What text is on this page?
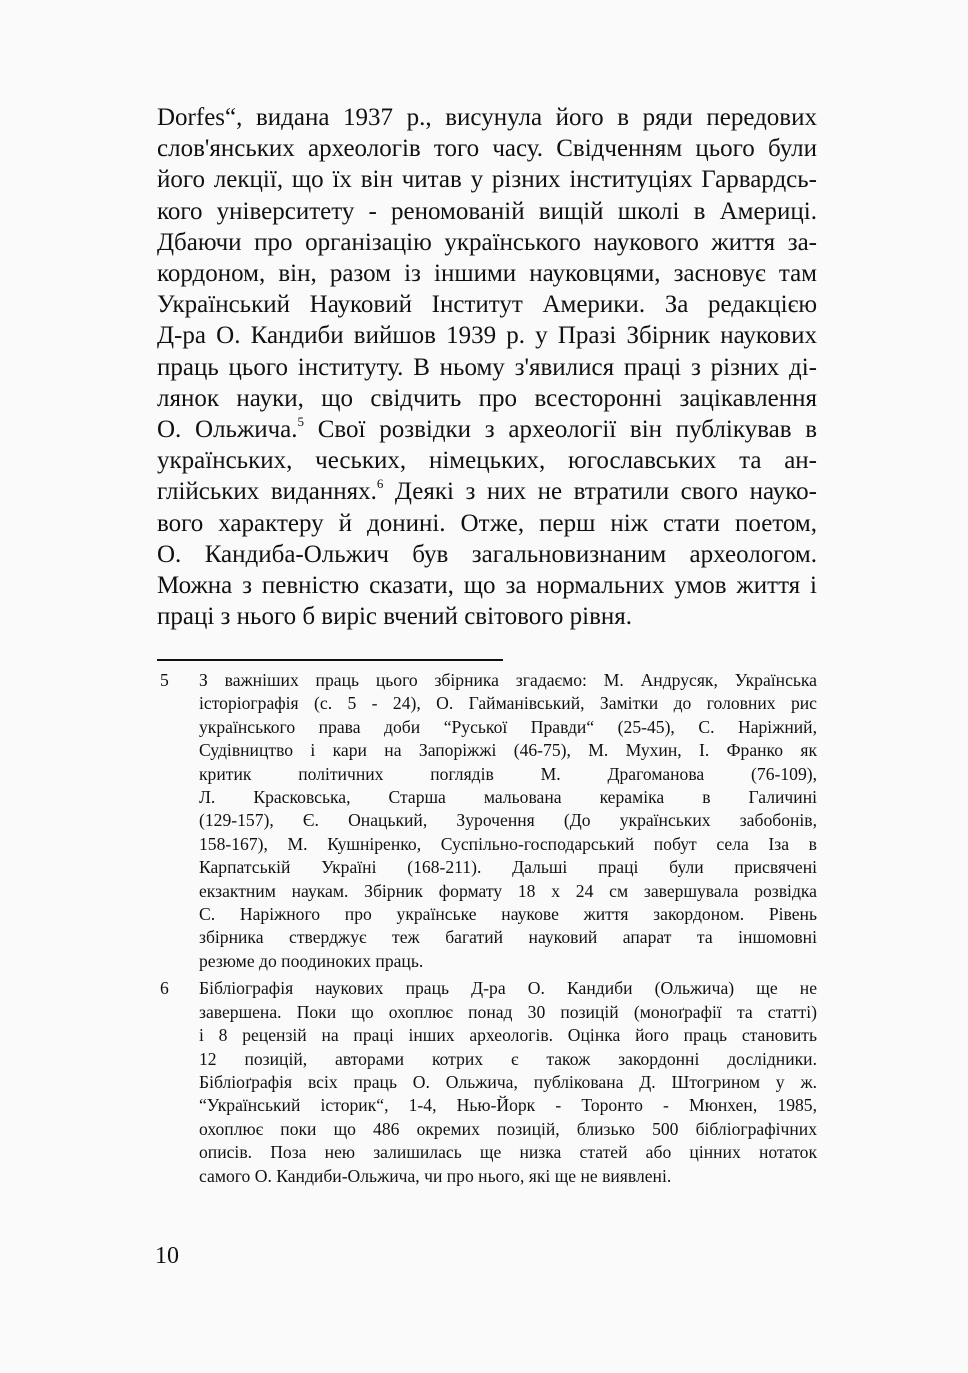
Dorfes“, видана 1937 р., висунула його в ряди передових
слов'янських археологів того часу. Свідченням цього були
його лекції, що їх він читав у різних інституціях Гарвардсь-
кого університету - реномованій вищій школі в Америці.
Дбаючи про організацію українського наукового життя за-
кордоном, він, разом із іншими науковцями, засновує там
Український Науковий Інститут Америки. За редакцією
Д-ра О. Кандиби вийшов 1939 р. у Празі Збірник наукових
праць цього інституту. В ньому з'явилися праці з різних ді-
лянок науки, що свідчить про всесторонні зацікавлення
О. Ольжича.$^5$ Свої розвідки з археології він публікував в
українських, чеських, німецьких, югославських та ан-
глійських виданнях.$^6$ Деякі з них не втратили свого науко-
вого характеру й донині. Отже, перш ніж стати поетом,
О. Кандиба-Ольжич був загальновизнаним археологом.
Можна з певністю сказати, що за нормальних умов життя і
праці з нього б виріс вчений світового рівня.
5 З важніших праць цього збірника згадаємо: М. Андрусяк, Українська
історіографія (с. 5 - 24), О. Гайманівський, Замітки до головних рис
українського права доби “Руської Правди“ (25-45), С. Наріжний,
Судівництво і кари на Запоріжжі (46-75), М. Мухин, І. Франко як
критик політичних поглядів М. Драгоманова (76-109),
Л. Красковська, Старша мальована кераміка в Галичині
(129-157), Є. Онацький, Зурочення (До українських забобонів,
158-167), М. Кушніренко, Суспільно-господарський побут села Іза в
Карпатській Україні (168-211). Дальші праці були присвячені
екзактним наукам. Збірник формату 18 х 24 см завершувала розвідка
С. Наріжного про українське наукове життя закордоном. Рівень
збірника стверджує теж багатий науковий апарат та іншомовні
резюме до поодиноких праць.
6 Бібліографія наукових праць Д-ра О. Кандиби (Ольжича) ще не
завершена. Поки що охоплює понад 30 позицій (моноґрафії та статті)
і 8 рецензій на праці інших археологів. Оцінка його праць становить
12 позицій, авторами котрих є також закордонні дослідники.
Бібліоґрафія всіх праць О. Ольжича, публікована Д. Штогрином у ж.
“Український історик“, 1-4, Нью-Йорк - Торонто - Мюнхен, 1985,
охоплює поки що 486 окремих позицій, близько 500 бібліографічних
описів. Поза нею залишилась ще низка статей або цінних нотаток
самого О. Кандиби-Ольжича, чи про нього, які ще не виявлені.
10
